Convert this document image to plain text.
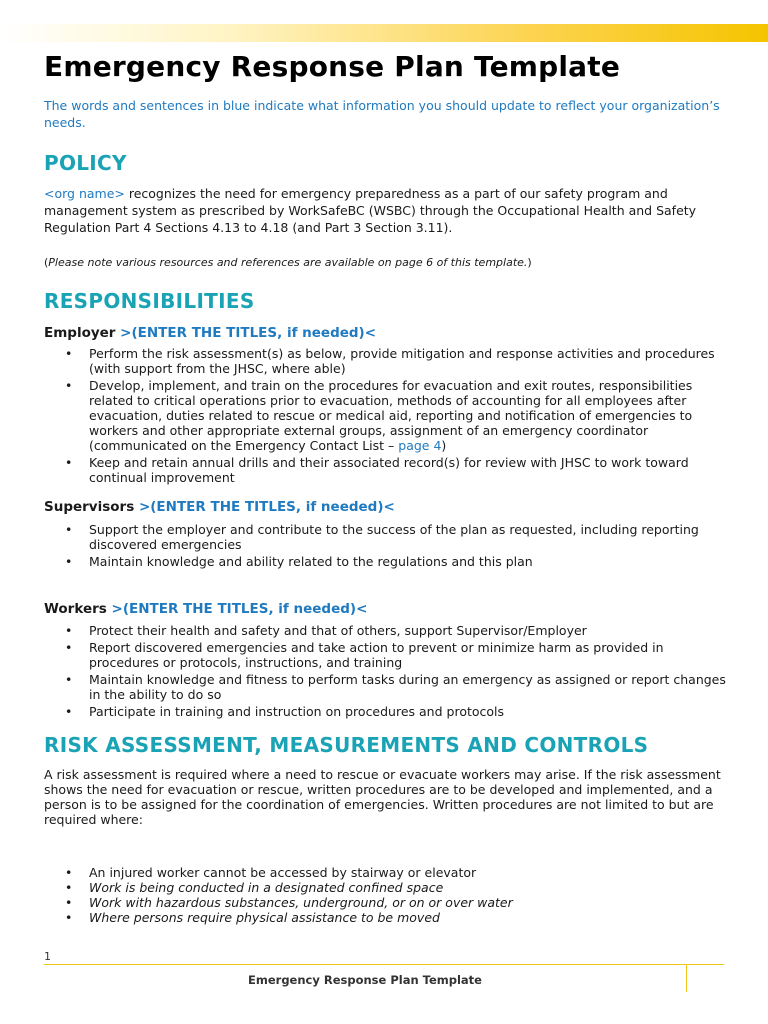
Emergency Response Plan Template

The words and sentences in blue indicate what information you should update to reflect your organization’s needs.

POLICY

<org name> recognizes the need for emergency preparedness as a part of our safety program and management system as prescribed by WorkSafeBC (WSBC) through the Occupational Health and Safety Regulation Part 4 Sections 4.13 to 4.18 (and Part 3 Section 3.11).

(Please note various resources and references are available on page 6 of this template.)

RESPONSIBILITIES

Employer >(ENTER THE TITLES, if needed)<

• Perform the risk assessment(s) as below, provide mitigation and response activities and procedures (with support from the JHSC, where able)
• Develop, implement, and train on the procedures for evacuation and exit routes, responsibilities related to critical operations prior to evacuation, methods of accounting for all employees after evacuation, duties related to rescue or medical aid, reporting and notification of emergencies to workers and other appropriate external groups, assignment of an emergency coordinator (communicated on the Emergency Contact List – page 4)
• Keep and retain annual drills and their associated record(s) for review with JHSC to work toward continual improvement

Supervisors >(ENTER THE TITLES, if needed)<

• Support the employer and contribute to the success of the plan as requested, including reporting discovered emergencies
• Maintain knowledge and ability related to the regulations and this plan

Workers >(ENTER THE TITLES, if needed)<

• Protect their health and safety and that of others, support Supervisor/Employer
• Report discovered emergencies and take action to prevent or minimize harm as provided in procedures or protocols, instructions, and training
• Maintain knowledge and fitness to perform tasks during an emergency as assigned or report changes in the ability to do so
• Participate in training and instruction on procedures and protocols
RISK ASSESSMENT, MEASUREMENTS AND CONTROLS

A risk assessment is required where a need to rescue or evacuate workers may arise. If the risk assessment shows the need for evacuation or rescue, written procedures are to be developed and implemented, and a person is to be assigned for the coordination of emergencies. Written procedures are not limited to but are required where:

• An injured worker cannot be accessed by stairway or elevator
• Work is being conducted in a designated confined space
• Work with hazardous substances, underground, or on or over water
• Where persons require physical assistance to be moved
1
Emergency Response Plan Template
